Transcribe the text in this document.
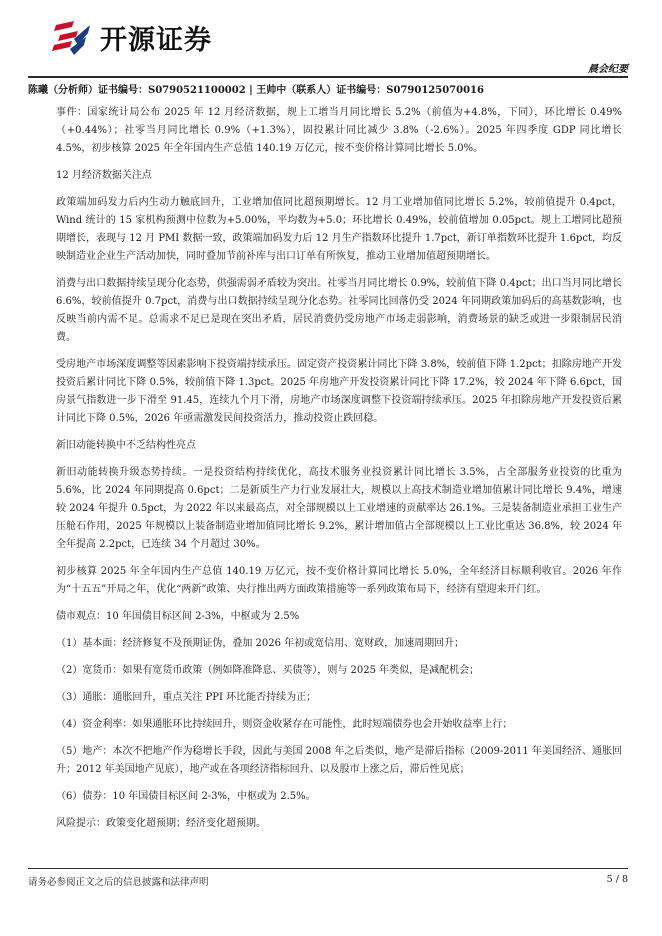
开源证券
晨会纪要
陈曦（分析师）证书编号：S0790521100002 | 王帅中（联系人）证书编号：S0790125070016

事件：国家统计局公布 2025 年 12 月经济数据，规上工增当月同比增长 5.2%（前值为+4.8%，下同），环比增长 0.49%（+0.44%）；社零当月同比增长 0.9%（+1.3%），固投累计同比减少 3.8%（-2.6%）。2025 年四季度 GDP 同比增长 4.5%，初步核算 2025 年全年国内生产总值 140.19 万亿元，按不变价格计算同比增长 5.0%。

12 月经济数据关注点

政策端加码发力后内生动力触底回升，工业增加值同比超预期增长。12 月工业增加值同比增长 5.2%，较前值提升 0.4pct，Wind 统计的 15 家机构预测中位数为+5.00%，平均数为+5.0；环比增长 0.49%，较前值增加 0.05pct。规上工增同比超预期增长，表现与 12 月 PMI 数据一致，政策端加码发力后 12 月生产指数环比提升 1.7pct，新订单指数环比提升 1.6pct，均反映制造业企业生产活动加快，同时叠加节前补库与出口订单有所恢复，推动工业增加值超预期增长。

消费与出口数据持续呈现分化态势，供强需弱矛盾较为突出。社零当月同比增长 0.9%，较前值下降 0.4pct；出口当月同比增长 6.6%，较前值提升 0.7pct，消费与出口数据持续呈现分化态势。社零同比回落仍受 2024 年同期政策加码后的高基数影响，也反映当前内需不足。总需求不足已是现在突出矛盾，居民消费仍受房地产市场走弱影响，消费场景的缺乏或进一步限制居民消费。

受房地产市场深度调整等因素影响下投资端持续承压。固定资产投资累计同比下降 3.8%，较前值下降 1.2pct；扣除房地产开发投资后累计同比下降 0.5%，较前值下降 1.3pct。2025 年房地产开发投资累计同比下降 17.2%，较 2024 年下降 6.6pct，国房景气指数进一步下滑至 91.45，连续九个月下滑，房地产市场深度调整下投资端持续承压。2025 年扣除房地产开发投资后累计同比下降 0.5%，2026 年亟需激发民间投资活力，推动投资止跌回稳。

新旧动能转换中不乏结构性亮点

新旧动能转换升级态势持续。一是投资结构持续优化，高技术服务业投资累计同比增长 3.5%，占全部服务业投资的比重为 5.6%，比 2024 年同期提高 0.6pct；二是新质生产力行业发展壮大，规模以上高技术制造业增加值累计同比增长 9.4%，增速较 2024 年提升 0.5pct，为 2022 年以来最高点，对全部规模以上工业增速的贡献率达 26.1%。三是装备制造业承担工业生产压舱石作用，2025 年规模以上装备制造业增加值同比增长 9.2%，累计增加值占全部规模以上工业比重达 36.8%，较 2024 年全年提高 2.2pct，已连续 34 个月超过 30%。

初步核算 2025 年全年国内生产总值 140.19 万亿元，按不变价格计算同比增长 5.0%，全年经济目标顺利收官。2026 年作为“十五五”开局之年，优化“两新”政策、央行推出两方面政策措施等一系列政策布局下，经济有望迎来开门红。

债市观点：10 年国债目标区间 2-3%，中枢或为 2.5%

（1）基本面：经济修复不及预期证伪，叠加 2026 年初或宽信用、宽财政，加速周期回升；

（2）宽货币：如果有宽货币政策（例如降准降息、买债等），则与 2025 年类似，是减配机会；

（3）通胀：通胀回升，重点关注 PPI 环比能否持续为正；

（4）资金利率：如果通胀环比持续回升，则资金收紧存在可能性，此时短端债券也会开始收益率上行；

（5）地产：本次不把地产作为稳增长手段，因此与美国 2008 年之后类似，地产是滞后指标（2009-2011 年美国经济、通胀回升；2012 年美国地产见底），地产或在各项经济指标回升、以及股市上涨之后，滞后性见底；

（6）债券：10 年国债目标区间 2-3%，中枢或为 2.5%。

风险提示：政策变化超预期；经济变化超预期。

请务必参阅正文之后的信息披露和法律声明	5 / 8
